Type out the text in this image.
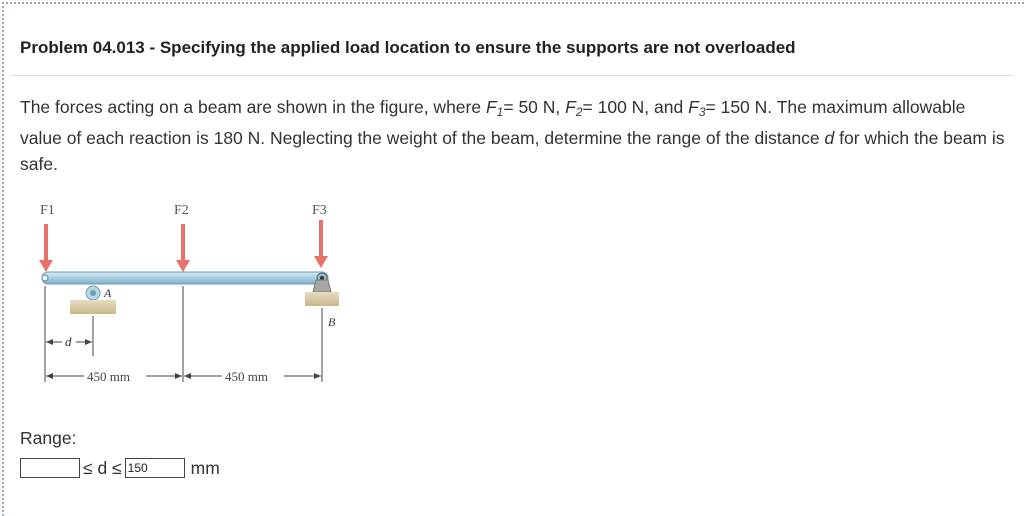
Problem 04.013 - Specifying the applied load location to ensure the supports are not overloaded
The forces acting on a beam are shown in the figure, where $F_1= 50$ N, $F_2= 100$ N, and $F_3= 150$ N. The maximum allowable value of each reaction is 180 N. Neglecting the weight of the beam, determine the range of the distance d for which the beam is safe.
F1	F2	F3
A
B
d
450 mm	450 mm
Range:
≤ d ≤ 150	mm
